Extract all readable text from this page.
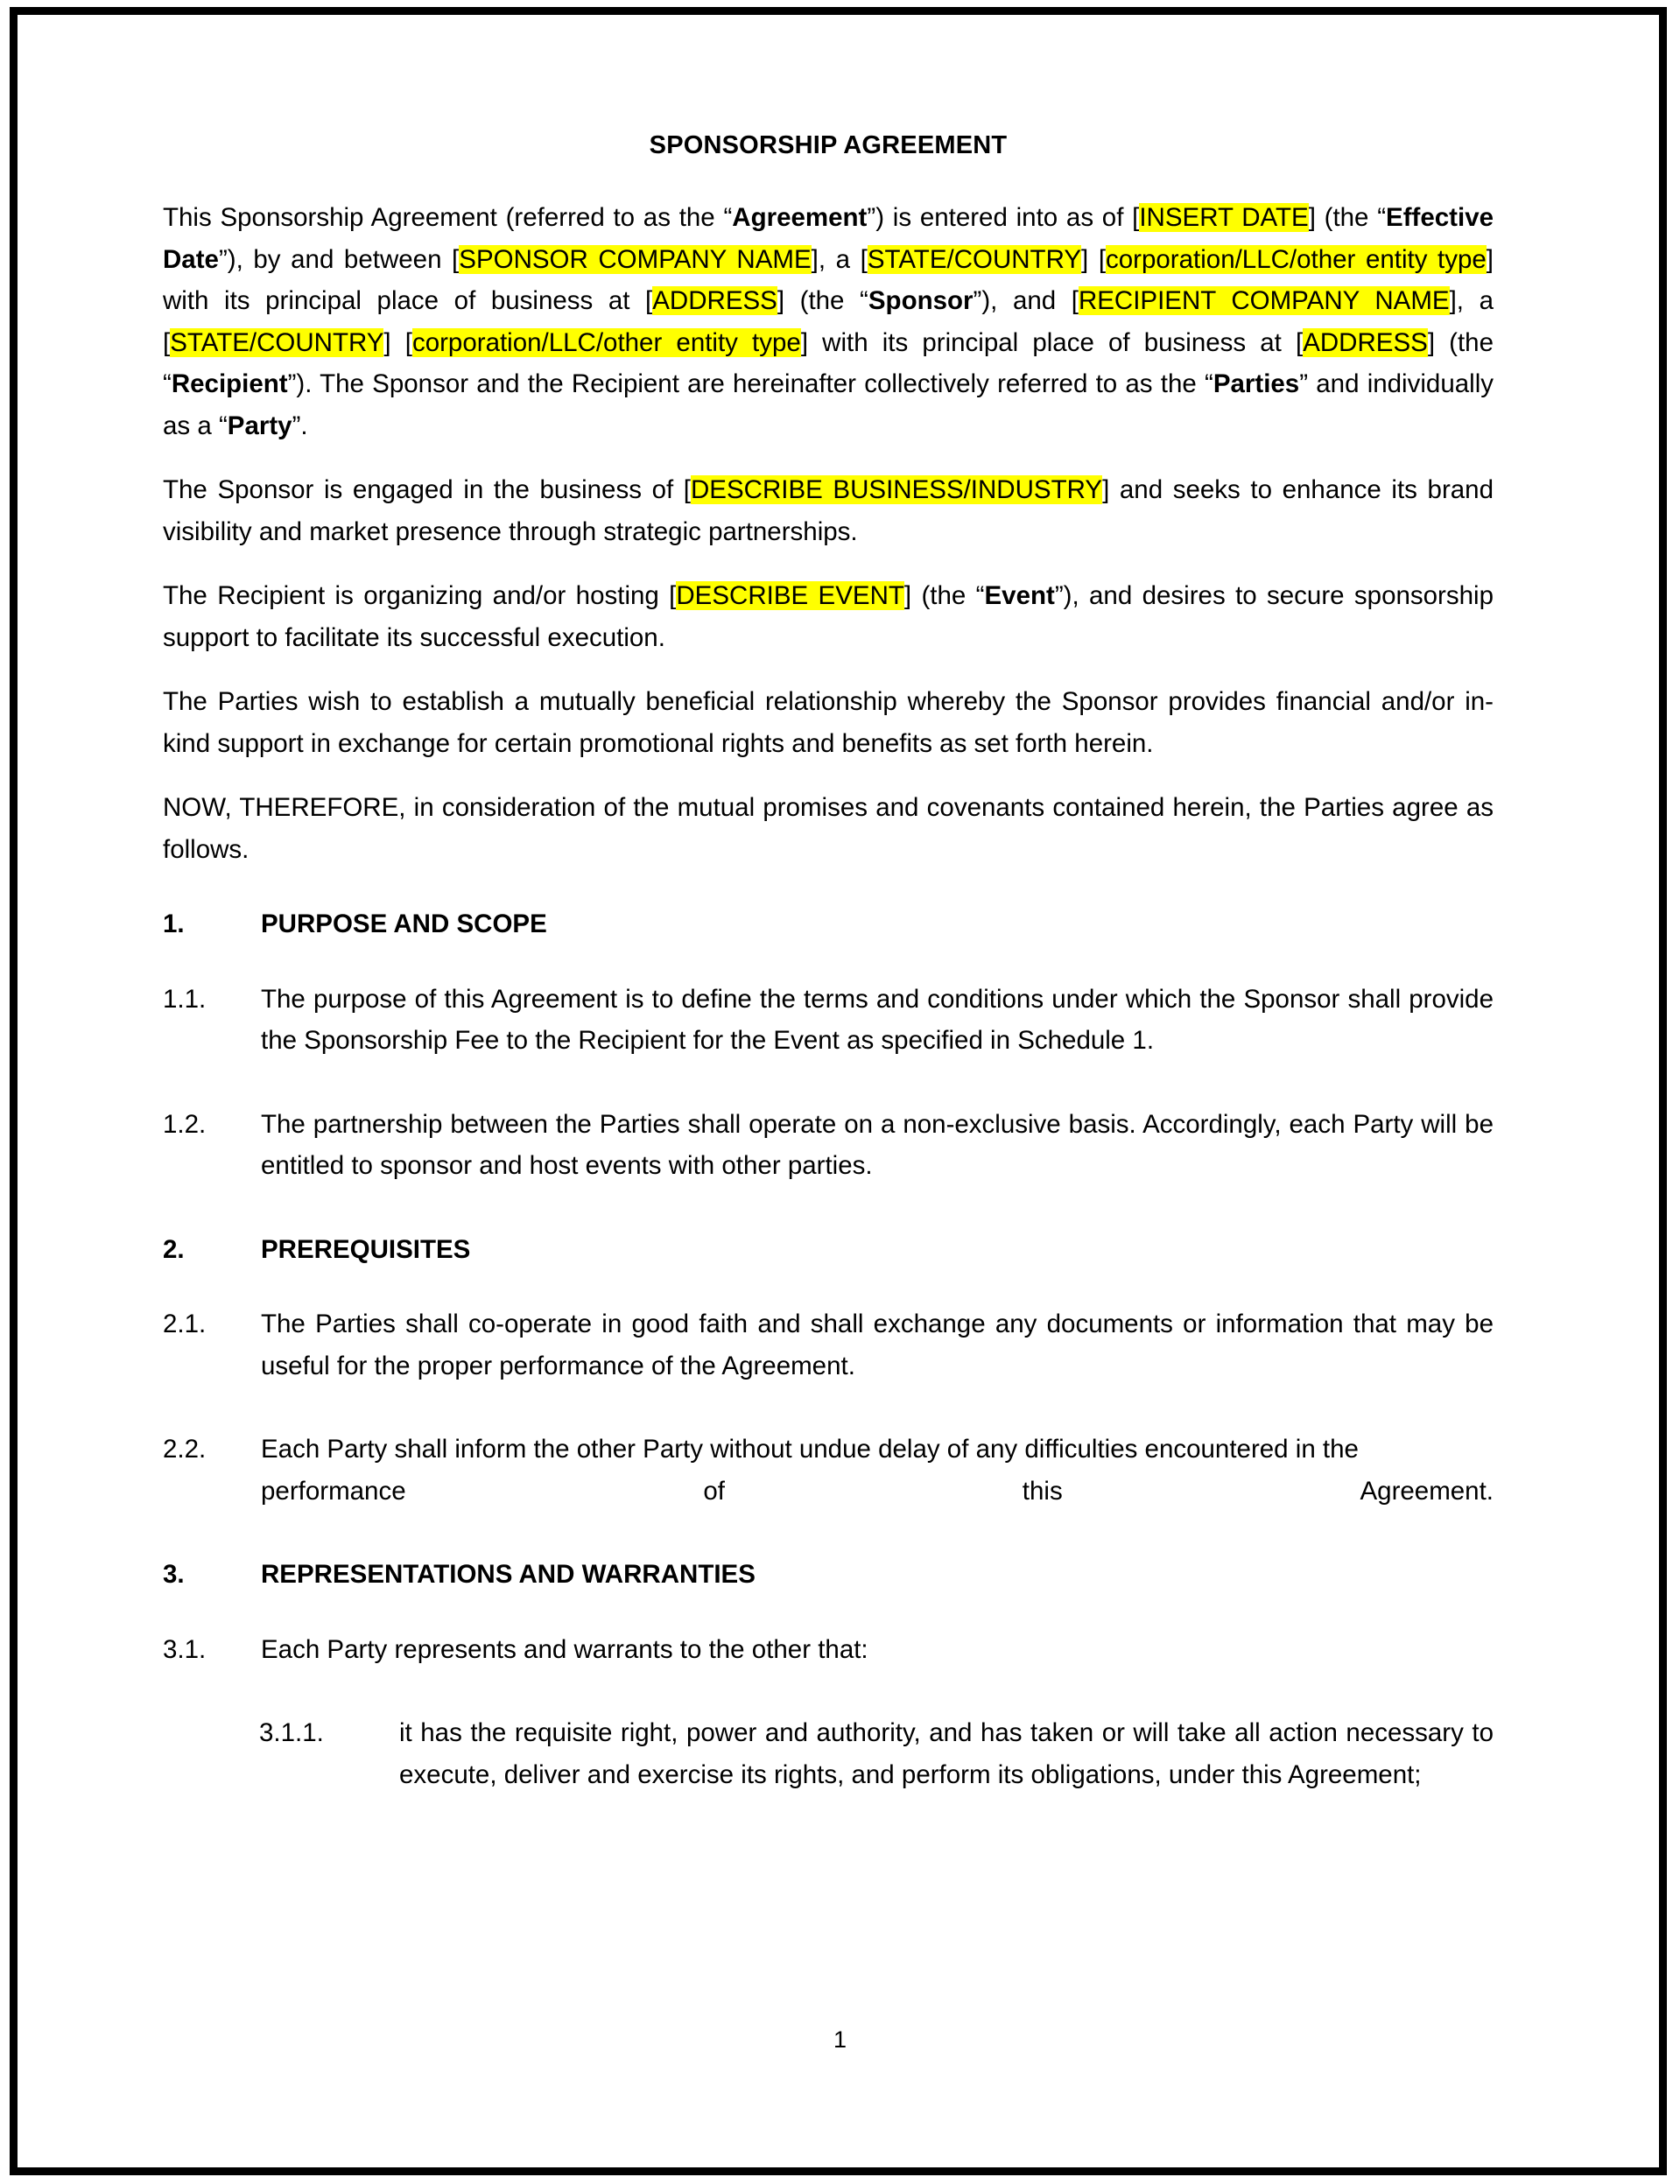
SPONSORSHIP AGREEMENT

This Sponsorship Agreement (referred to as the “Agreement”) is entered into as of [INSERT DATE] (the “Effective Date”), by and between [SPONSOR COMPANY NAME], a [STATE/COUNTRY] [corporation/LLC/other entity type] with its principal place of business at [ADDRESS] (the “Sponsor”), and [RECIPIENT COMPANY NAME], a [STATE/COUNTRY] [corporation/LLC/other entity type] with its principal place of business at [ADDRESS] (the “Recipient”). The Sponsor and the Recipient are hereinafter collectively referred to as the “Parties” and individually as a “Party”.

The Sponsor is engaged in the business of [DESCRIBE BUSINESS/INDUSTRY] and seeks to enhance its brand visibility and market presence through strategic partnerships.

The Recipient is organizing and/or hosting [DESCRIBE EVENT] (the “Event”), and desires to secure sponsorship support to facilitate its successful execution.

The Parties wish to establish a mutually beneficial relationship whereby the Sponsor provides financial and/or in-kind support in exchange for certain promotional rights and benefits as set forth herein.

NOW, THEREFORE, in consideration of the mutual promises and covenants contained herein, the Parties agree as follows.

1.	PURPOSE AND SCOPE
1.1.	The purpose of this Agreement is to define the terms and conditions under which the Sponsor shall provide the Sponsorship Fee to the Recipient for the Event as specified in Schedule 1.
1.2.	The partnership between the Parties shall operate on a non-exclusive basis. Accordingly, each Party will be entitled to sponsor and host events with other parties.
2.	PREREQUISITES
2.1.	The Parties shall co-operate in good faith and shall exchange any documents or information that may be useful for the proper performance of the Agreement.
2.2.	Each Party shall inform the other Party without undue delay of any difficulties encountered in the
performance	of	this	Agreement.
3.	REPRESENTATIONS AND WARRANTIES
3.1.	Each Party represents and warrants to the other that:
3.1.1.	it has the requisite right, power and authority, and has taken or will take all action necessary to execute, deliver and exercise its rights, and perform its obligations, under this Agreement;
1
